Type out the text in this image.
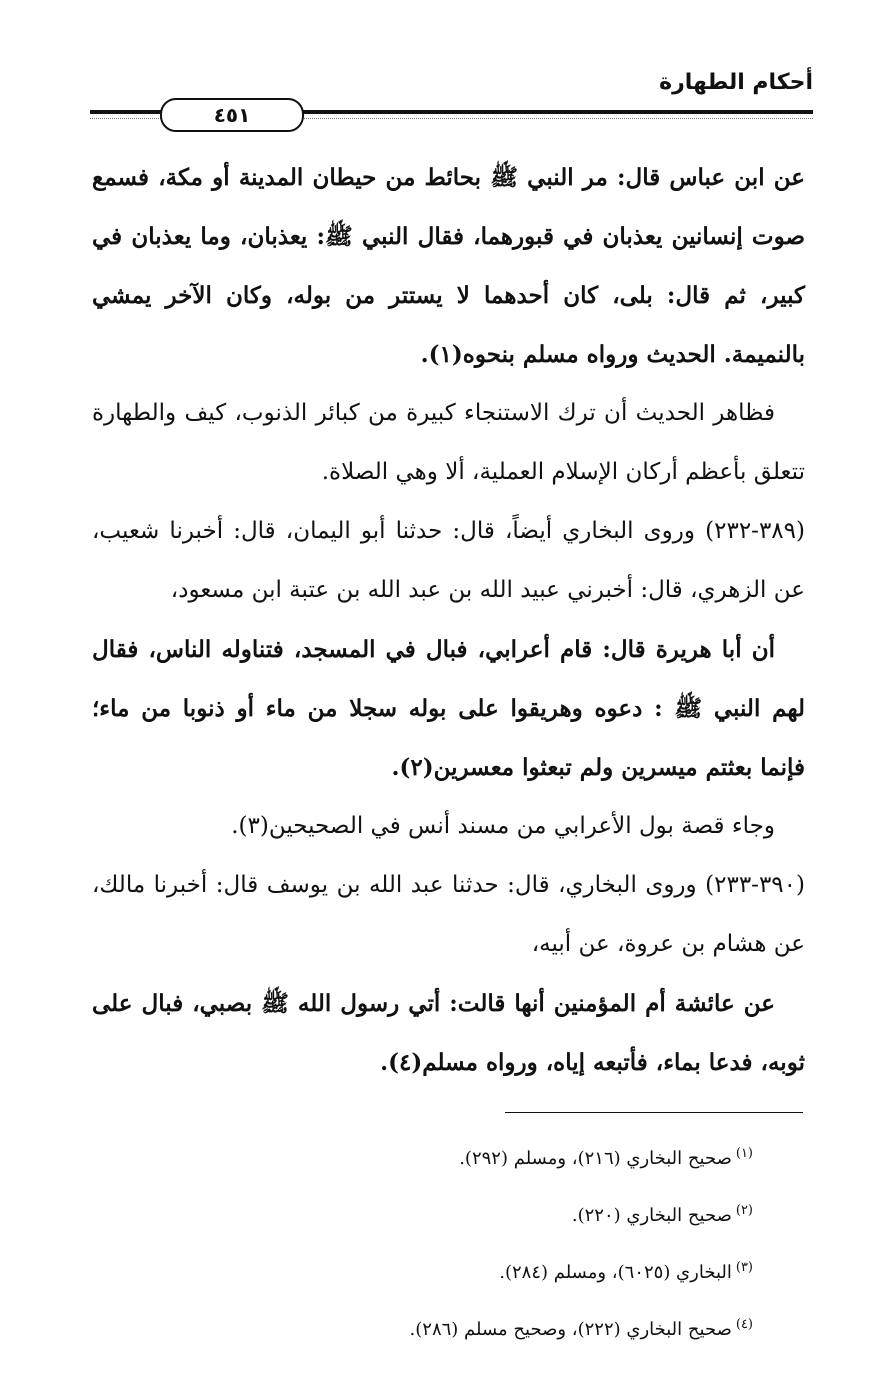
أحكام الطهارة
٤٥١

عن ابن عباس قال: مر النبي ﷺ بحائط من حيطان المدينة أو مكة، فسمع صوت إنسانين يعذبان في قبورهما، فقال النبي ﷺ: يعذبان، وما يعذبان في كبير، ثم قال: بلى، كان أحدهما لا يستتر من بوله، وكان الآخر يمشي بالنميمة. الحديث ورواه مسلم بنحوه(١).

فظاهر الحديث أن ترك الاستنجاء كبيرة من كبائر الذنوب، كيف والطهارة تتعلق بأعظم أركان الإسلام العملية، ألا وهي الصلاة.

(٣٨٩-٢٣٢) وروى البخاري أيضاً، قال: حدثنا أبو اليمان، قال: أخبرنا شعيب، عن الزهري، قال: أخبرني عبيد الله بن عبد الله بن عتبة ابن مسعود،

أن أبا هريرة قال: قام أعرابي، فبال في المسجد، فتناوله الناس، فقال لهم النبي ﷺ : دعوه وهريقوا على بوله سجلا من ماء أو ذنوبا من ماء؛ فإنما بعثتم ميسرين ولم تبعثوا معسرين(٢).

وجاء قصة بول الأعرابي من مسند أنس في الصحيحين(٣).

(٣٩٠-٢٣٣) وروى البخاري، قال: حدثنا عبد الله بن يوسف قال: أخبرنا مالك، عن هشام بن عروة، عن أبيه،

عن عائشة أم المؤمنين أنها قالت: أتي رسول الله ﷺ بصبي، فبال على ثوبه، فدعا بماء، فأتبعه إياه، ورواه مسلم(٤).

$^{(١)}$صحيح البخاري (٢١٦)، ومسلم (٢٩٢).
$^{(٢)}$صحيح البخاري (٢٢٠).
$^{(٣)}$البخاري (٦٠٢٥)، ومسلم (٢٨٤).
$^{(٤)}$صحيح البخاري (٢٢٢)، وصحيح مسلم (٢٨٦).
